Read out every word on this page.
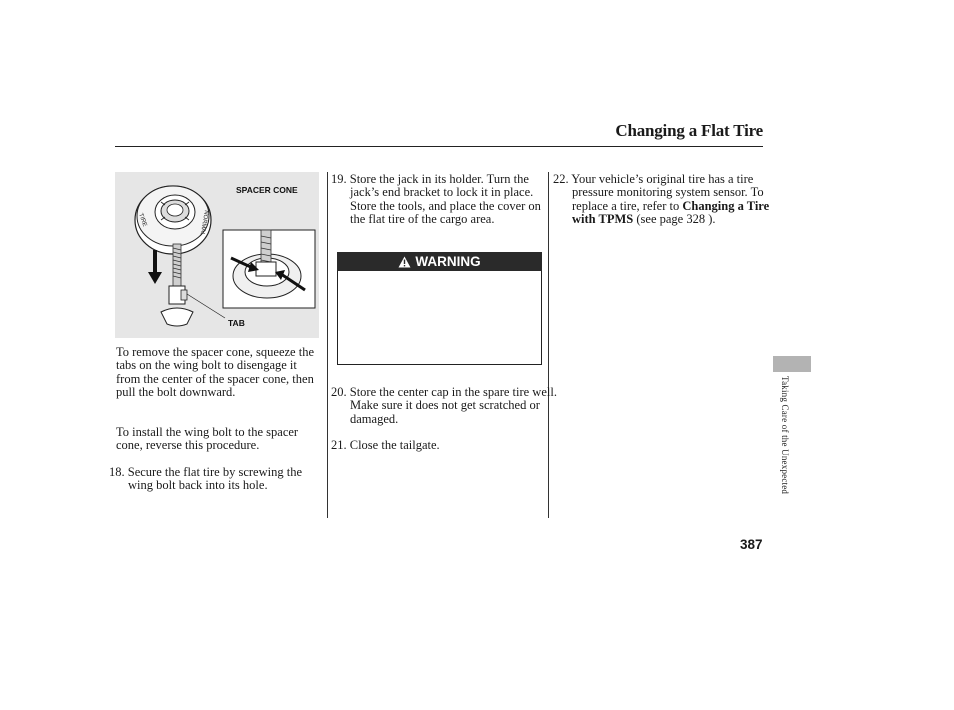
Changing a Flat Tire
TIRE	NORMAL
SPACER CONE
TAB
To remove the spacer cone, squeeze the tabs on the wing bolt to disengage it from the center of the spacer cone, then pull the bolt downward.
To install the wing bolt to the spacer cone, reverse this procedure.
18. Secure the flat tire by screwing the wing bolt back into its hole.
19. Store the jack in its holder. Turn the jack’s end bracket to lock it in place. Store the tools, and place the cover on the flat tire of the cargo area.
WARNING
20. Store the center cap in the spare tire well. Make sure it does not get scratched or damaged.
21. Close the tailgate.
22. Your vehicle’s original tire has a tire pressure monitoring system sensor. To replace a tire, refer to Changing a Tire with TPMS (see page 328 ).
Taking Care of the Unexpected
387
